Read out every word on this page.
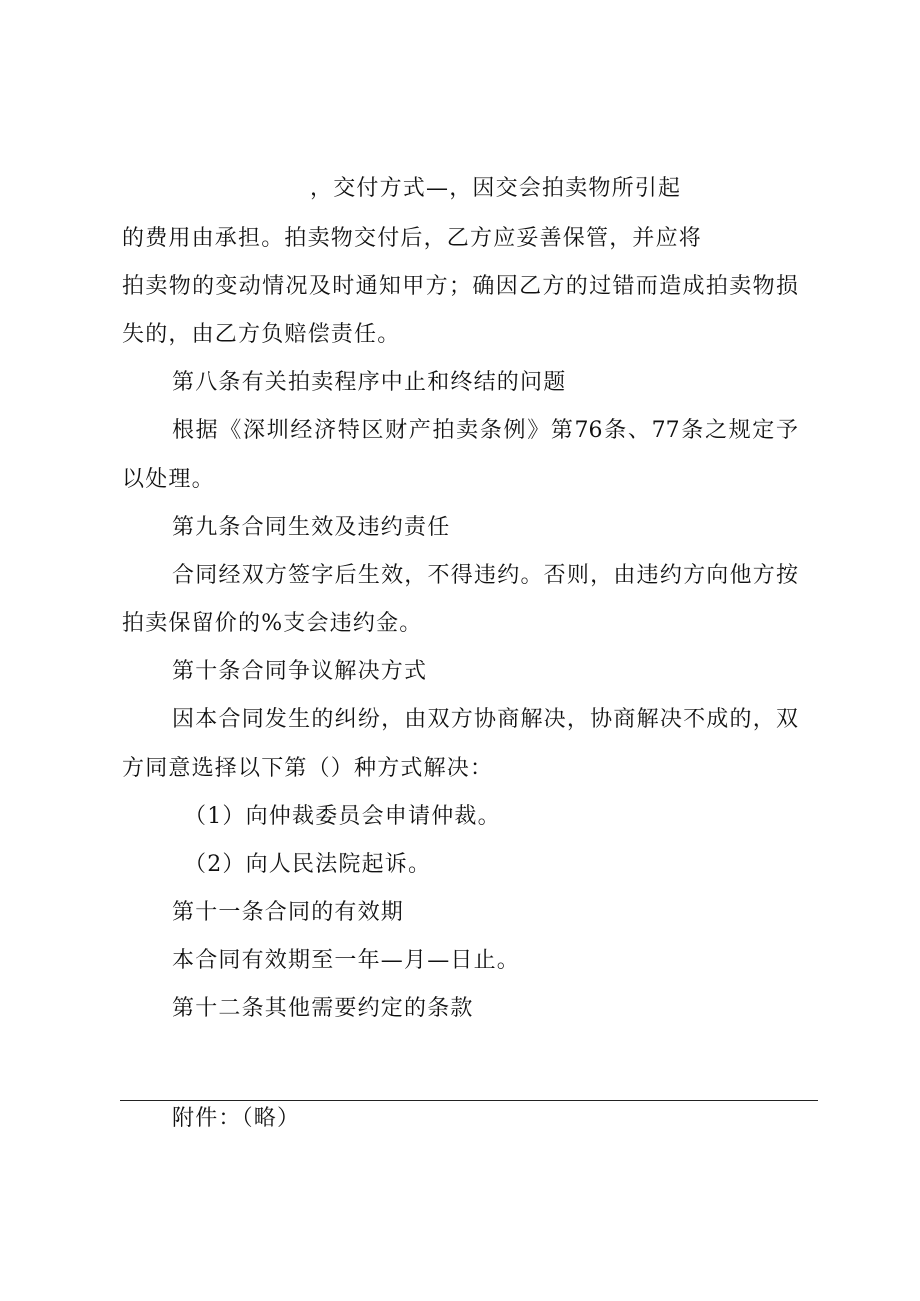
，交付方式—，因交会拍卖物所引起
的费用由承担。拍卖物交付后，乙方应妥善保管，并应将
拍卖物的变动情况及时通知甲方；确因乙方的过错而造成拍卖物损
失的，由乙方负赔偿责任。
第八条有关拍卖程序中止和终结的问题
根据《深圳经济特区财产拍卖条例》第76条、77条之规定予
以处理。
第九条合同生效及违约责任
合同经双方签字后生效，不得违约。否则，由违约方向他方按
拍卖保留价的%支会违约金。
第十条合同争议解决方式
因本合同发生的纠纷，由双方协商解决，协商解决不成的，双
方同意选择以下第（）种方式解决：
（1）向仲裁委员会申请仲裁。
（2）向人民法院起诉。
第十一条合同的有效期
本合同有效期至一年—月—日止。
第十二条其他需要约定的条款
附件：（略）
